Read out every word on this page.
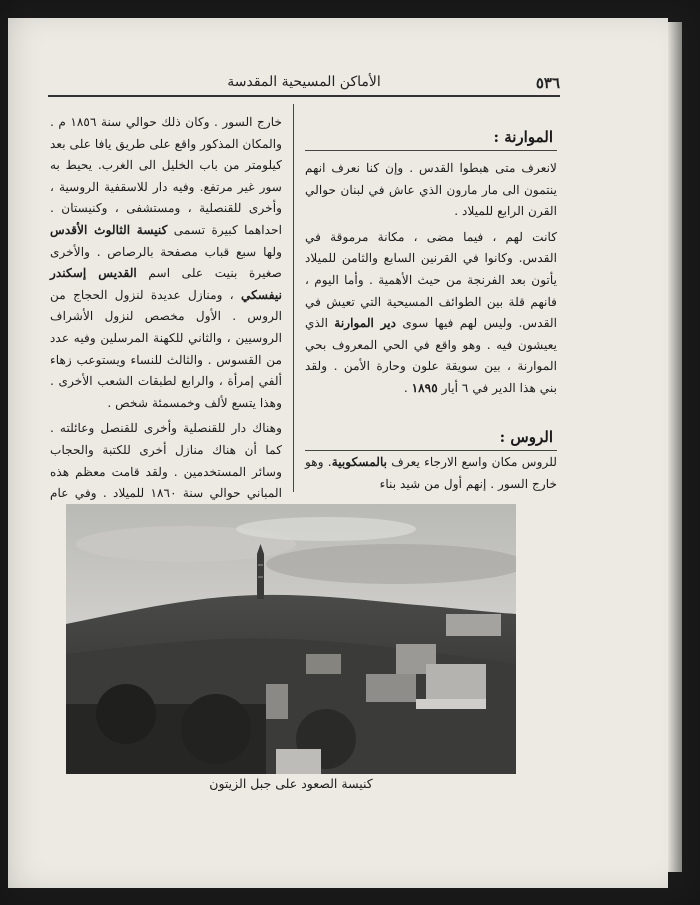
٥٣٦
الأماكن المسيحية المقدسة

خارج السور . وكان ذلك حوالي سنة ١٨٥٦ م . والمكان المذكور واقع على طريق يافا على بعد كيلومتر من باب الخليل الى الغرب. يحيط به سور غير مرتفع. وفيه دار للاسقفية الروسية ، وأخرى للقنصلية ، ومستشفى ، وكنيستان . احداهما كبيرة تسمى كنيسة الثالوث الأقدس ولها سبع قباب مصفحة بالرصاص . والأخرى صغيرة بنيت على اسم القديس إسكندر نيفسكي ، ومنازل عديدة لنزول الحجاج من الروس . الأول مخصص لنزول الأشراف الروسيين ، والثاني للكهنة المرسلين وفيه عدد من القسوس . والثالث للنساء ويستوعب زهاء ألفي إمرأة ، والرابع لطبقات الشعب الأخرى . وهذا يتسع لألف وخمسمئة شخص .

وهناك دار للقنصلية وأخرى للقنصل وعائلته . كما أن هناك منازل أخرى للكتبة والحجاب وسائر المستخدمين . ولقد قامت معظم هذه المباني حوالي سنة ١٨٦٠ للميلاد . وفي عام

الموارنة :

لانعرف متى هبطوا القدس . وإن كنا نعرف انهم ينتمون الى مار مارون الذي عاش في لبنان حوالي القرن الرابع للميلاد .

كانت لهم ، فيما مضى ، مكانة مرموقة في القدس. وكانوا في القرنين السابع والثامن للميلاد يأتون بعد الفرنجة من حيث الأهمية . وأما اليوم ، فانهم قلة بين الطوائف المسيحية التي تعيش في القدس. وليس لهم فيها سوى دير الموارنة الذي يعيشون فيه . وهو واقع في الحي المعروف بحي الموارنة ، بين سويقة علون وحارة الأمن . ولقد بني هذا الدير في ٦ أيار ١٨٩٥ .

الروس :

للروس مكان واسع الارجاء يعرف بالمسكوبية. وهو خارج السور . إنهم أول من شيد بناء

كنيسة الصعود على جبل الزيتون
